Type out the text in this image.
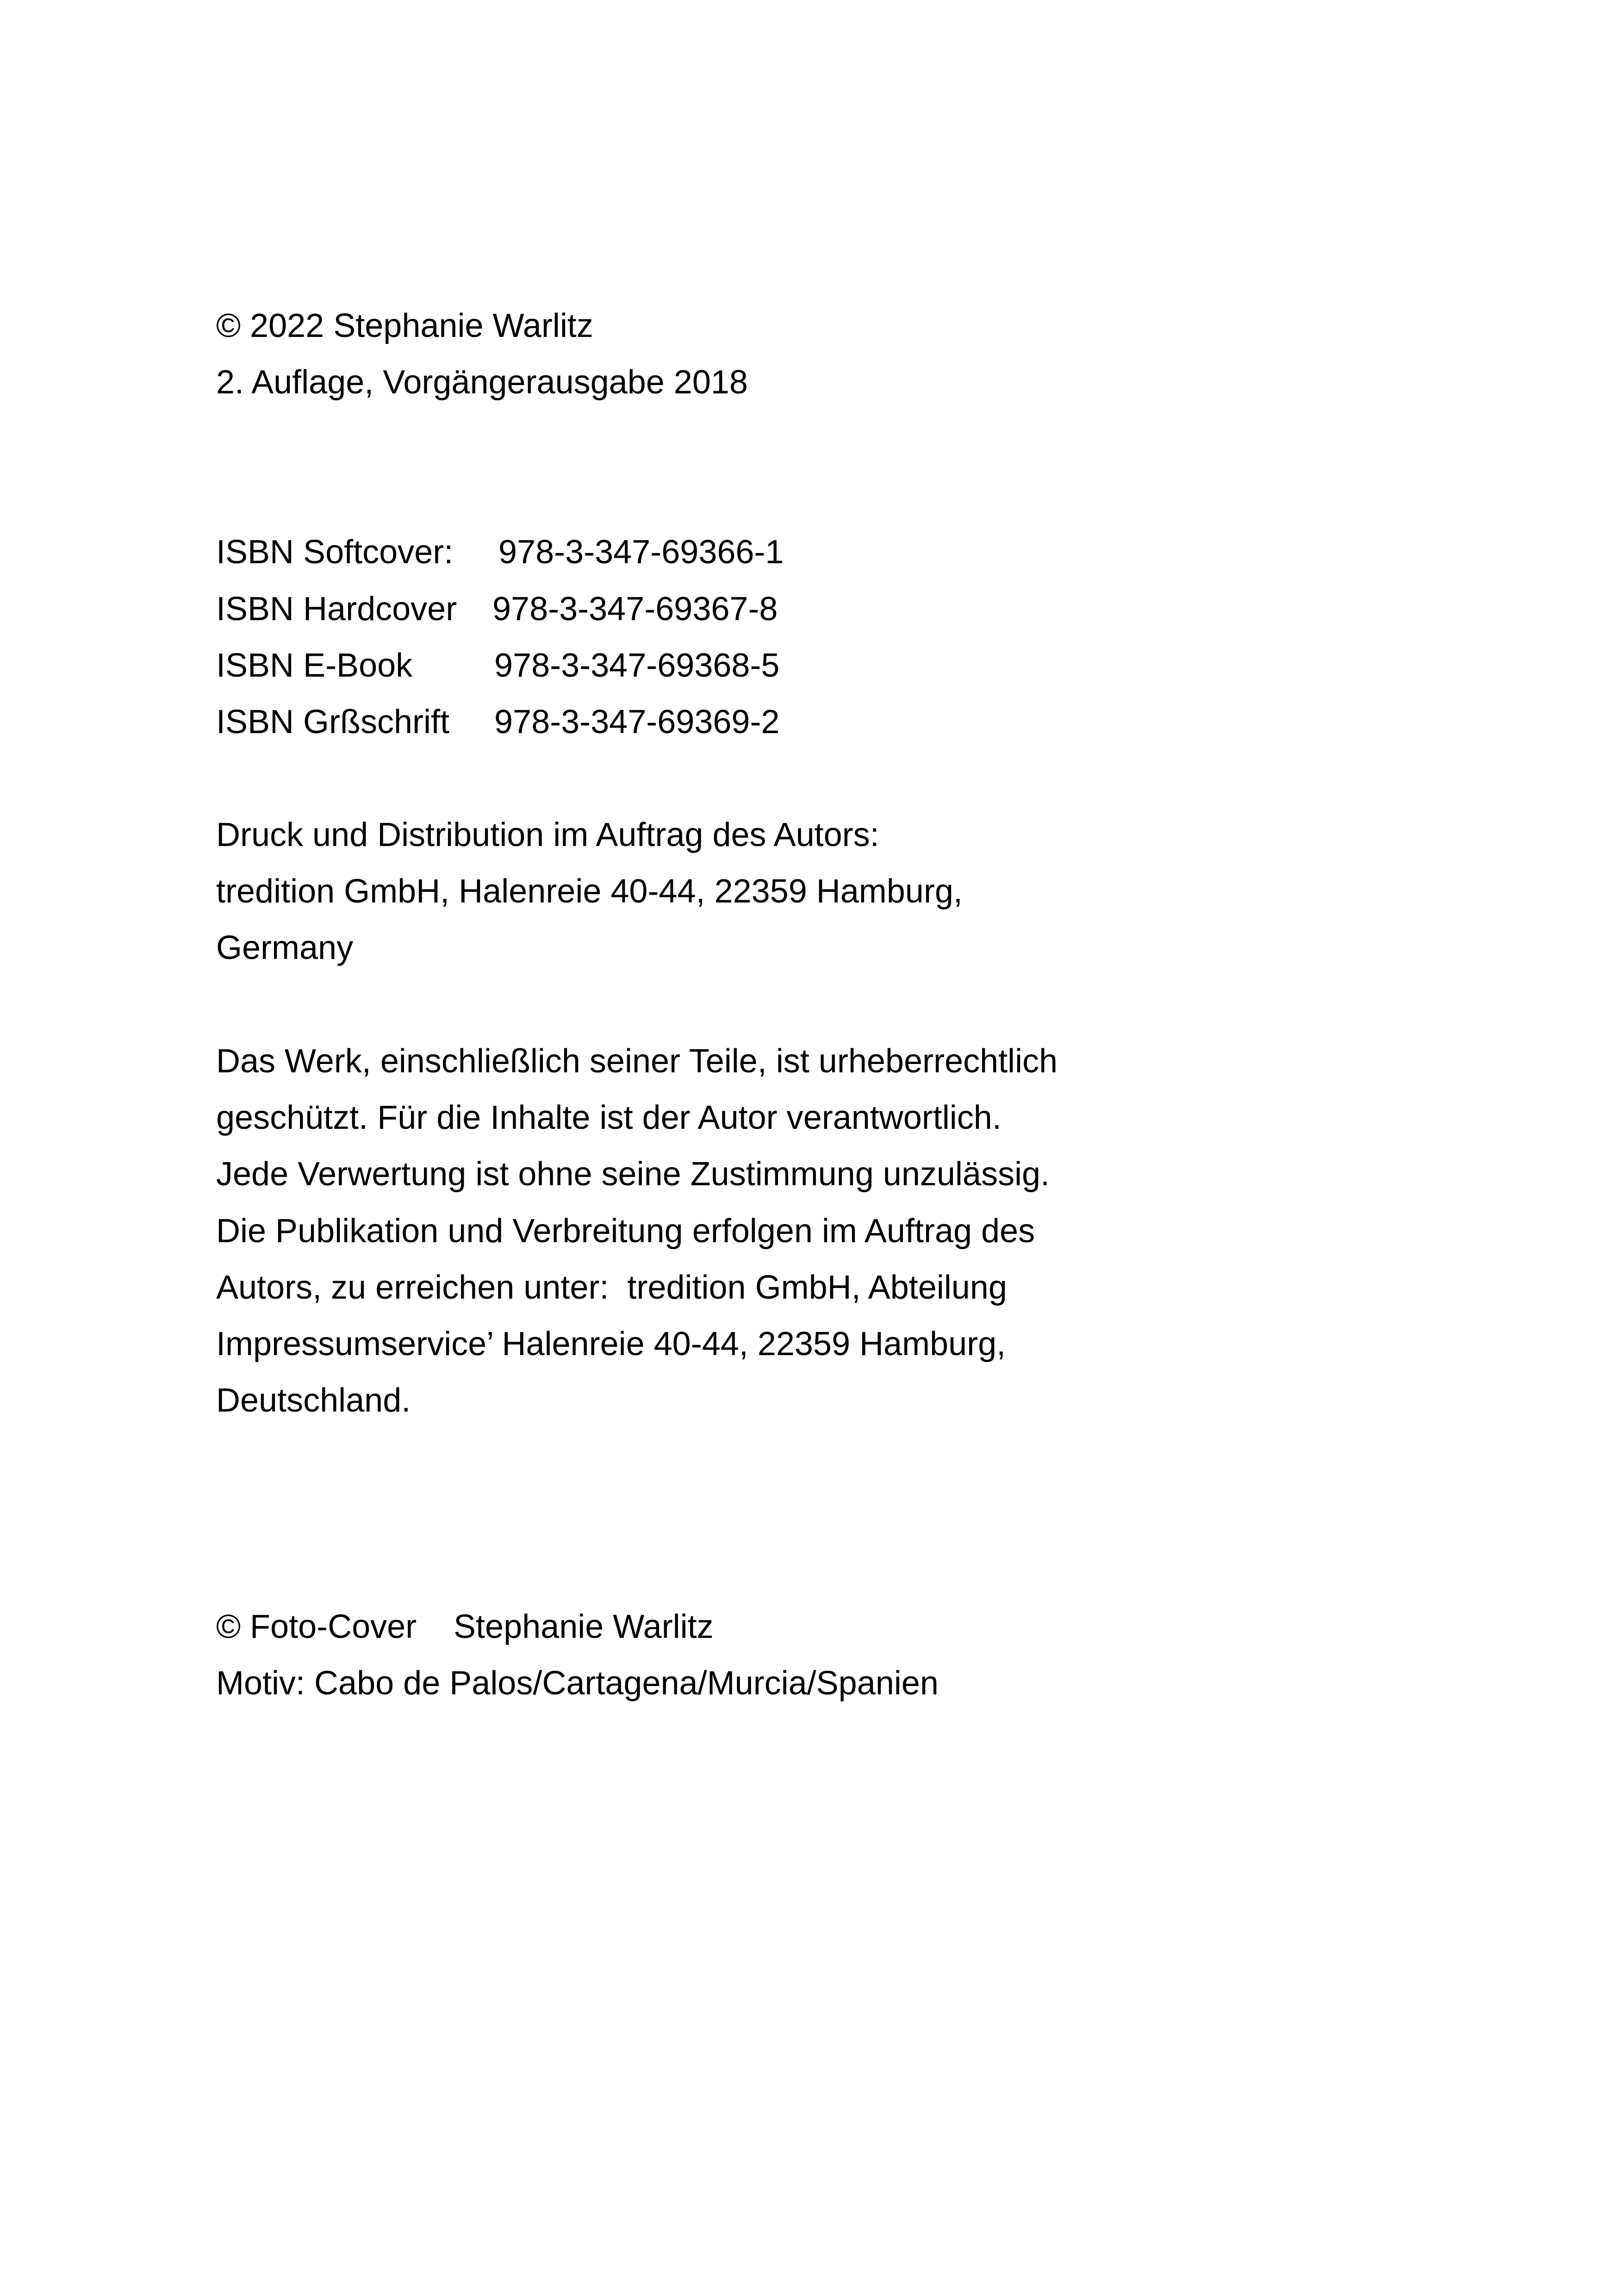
© 2022 Stephanie Warlitz
2. Auflage, Vorgängerausgabe 2018
ISBN Softcover: 978-3-347-69366-1
ISBN Hardcover 978-3-347-69367-8
ISBN E-Book 978-3-347-69368-5
ISBN Grßschrift 978-3-347-69369-2
Druck und Distribution im Auftrag des Autors:
tredition GmbH, Halenreie 40-44, 22359 Hamburg,
Germany
Das Werk, einschließlich seiner Teile, ist urheberrechtlich
geschützt. Für die Inhalte ist der Autor verantwortlich.
Jede Verwertung ist ohne seine Zustimmung unzulässig.
Die Publikation und Verbreitung erfolgen im Auftrag des
Autors, zu erreichen unter:  tredition GmbH, Abteilung
Impressumservice’ Halenreie 40-44, 22359 Hamburg,
Deutschland.
© Foto-Cover Stephanie Warlitz
Motiv: Cabo de Palos/Cartagena/Murcia/Spanien
